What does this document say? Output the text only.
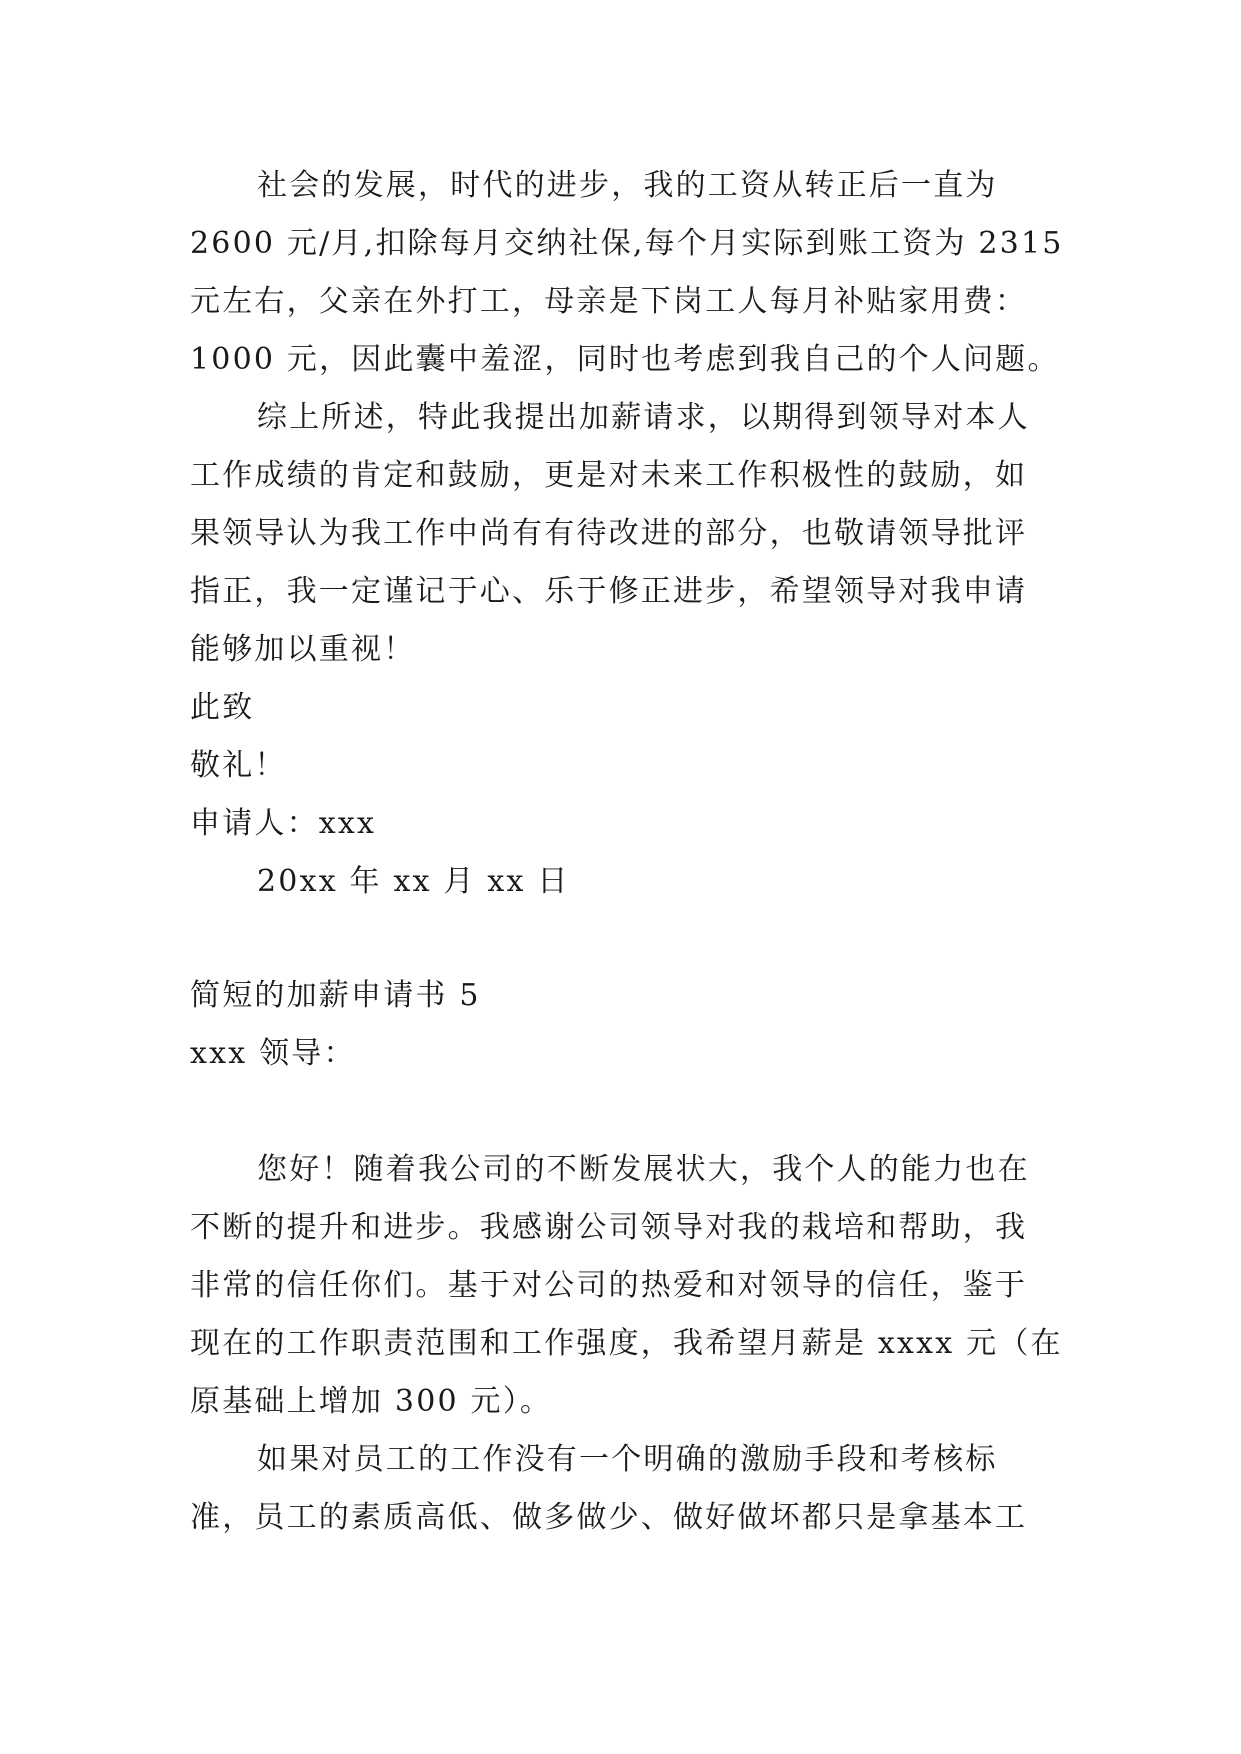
社会的发展，时代的进步，我的工资从转正后一直为
2600 元/月,扣除每月交纳社保,每个月实际到账工资为 2315
元左右，父亲在外打工，母亲是下岗工人每月补贴家用费：
1000 元，因此囊中羞涩，同时也考虑到我自己的个人问题。
综上所述，特此我提出加薪请求，以期得到领导对本人
工作成绩的肯定和鼓励，更是对未来工作积极性的鼓励，如
果领导认为我工作中尚有有待改进的部分，也敬请领导批评
指正，我一定谨记于心、乐于修正进步，希望领导对我申请
能够加以重视！
此致
敬礼！
申请人：xxx
20xx 年 xx 月 xx 日
简短的加薪申请书 5
xxx 领导：
您好！随着我公司的不断发展状大，我个人的能力也在
不断的提升和进步。我感谢公司领导对我的栽培和帮助，我
非常的信任你们。基于对公司的热爱和对领导的信任，鉴于
现在的工作职责范围和工作强度，我希望月薪是 xxxx 元（在
原基础上增加 300 元）。
如果对员工的工作没有一个明确的激励手段和考核标
准，员工的素质高低、做多做少、做好做坏都只是拿基本工
